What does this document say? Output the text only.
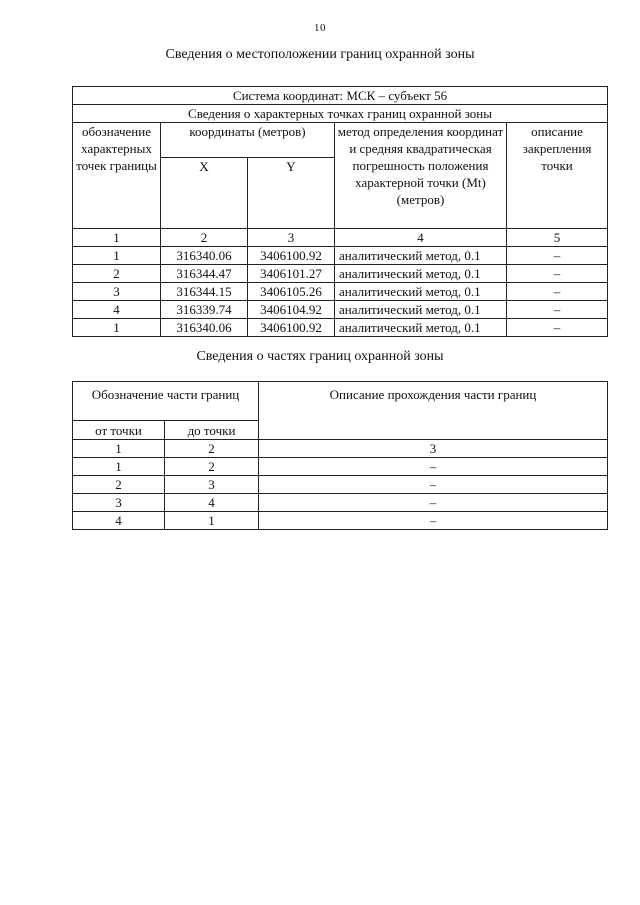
10
Сведения о местоположении границ охранной зоны
Система координат: МСК – субъект 56				
Сведения о характерных точках границ охранной зоны				
обозначение характерных точек границы	координаты (метров)		метод определения координат и средняя квадратическая погрешность положения характерной точки (Mt) (метров)	описание закрепления точки
	X	Y		
1	2	3	4	5
1	316340.06	3406100.92	аналитический метод, 0.1	–
2	316344.47	3406101.27	аналитический метод, 0.1	–
3	316344.15	3406105.26	аналитический метод, 0.1	–
4	316339.74	3406104.92	аналитический метод, 0.1	–
1	316340.06	3406100.92	аналитический метод, 0.1	–
Сведения о частях границ охранной зоны
Обозначение части границ		Описание прохождения части границ
от точки	до точки	
1	2	3
1	2	–
2	3	–
3	4	–
4	1	–
